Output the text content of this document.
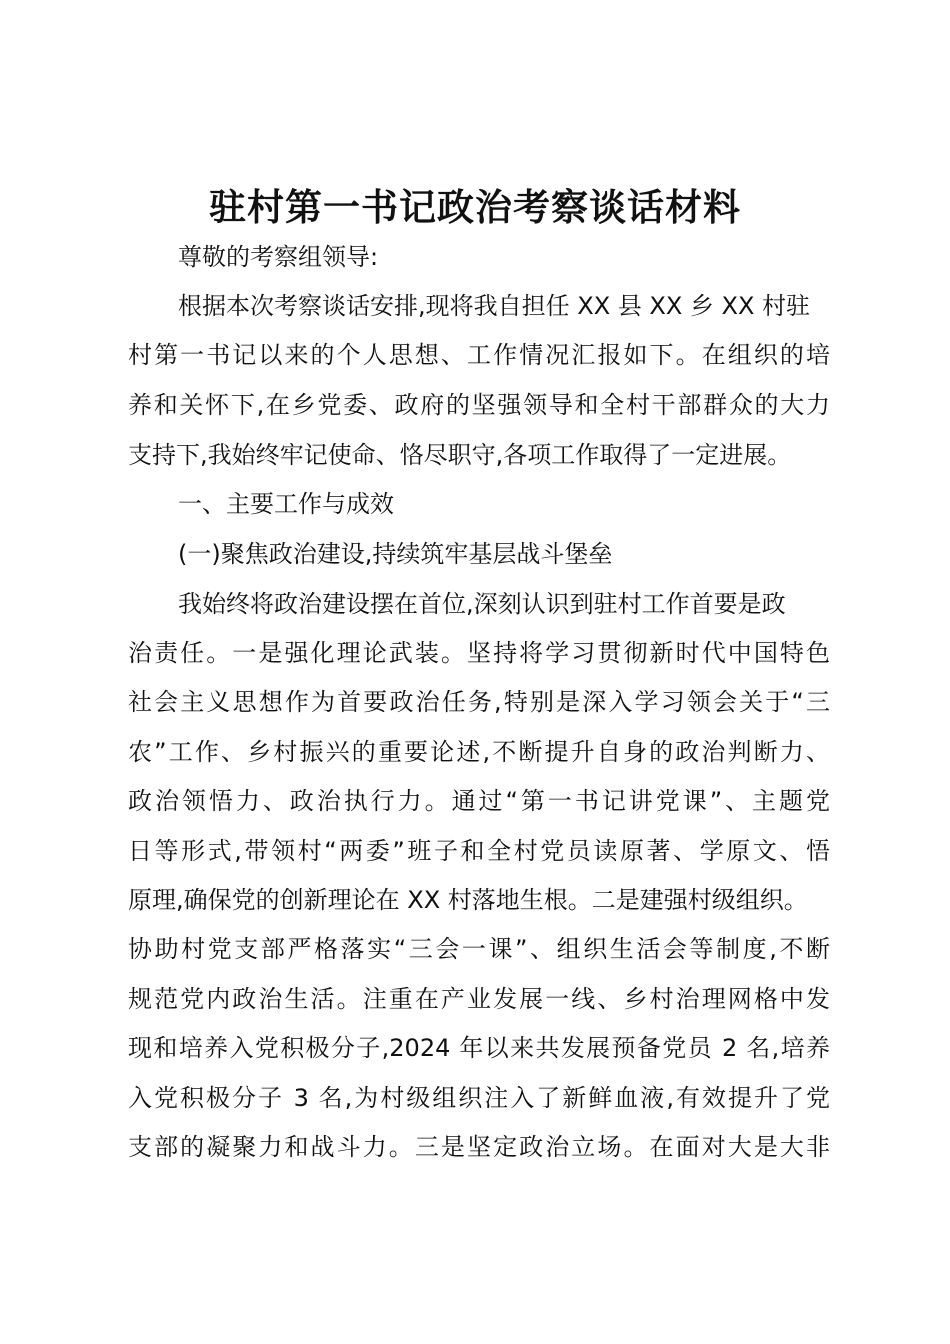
驻村第一书记政治考察谈话材料

尊敬的考察组领导:

根据本次考察谈话安排,现将我自担任 XX 县 XX 乡 XX 村驻

村第一书记以来的个人思想、工作情况汇报如下。在组织的培

养和关怀下,在乡党委、政府的坚强领导和全村干部群众的大力

支持下,我始终牢记使命、恪尽职守,各项工作取得了一定进展。

一、主要工作与成效

(一)聚焦政治建设,持续筑牢基层战斗堡垒

我始终将政治建设摆在首位,深刻认识到驻村工作首要是政

治责任。一是强化理论武装。坚持将学习贯彻新时代中国特色

社会主义思想作为首要政治任务,特别是深入学习领会关于“三

农”工作、乡村振兴的重要论述,不断提升自身的政治判断力、

政治领悟力、政治执行力。通过“第一书记讲党课”、主题党

日等形式,带领村“两委”班子和全村党员读原著、学原文、悟

原理,确保党的创新理论在 XX 村落地生根。二是建强村级组织。

协助村党支部严格落实“三会一课”、组织生活会等制度,不断

规范党内政治生活。注重在产业发展一线、乡村治理网格中发

现和培养入党积极分子,2024 年以来共发展预备党员 2 名,培养

入党积极分子 3 名,为村级组织注入了新鲜血液,有效提升了党

支部的凝聚力和战斗力。三是坚定政治立场。在面对大是大非
